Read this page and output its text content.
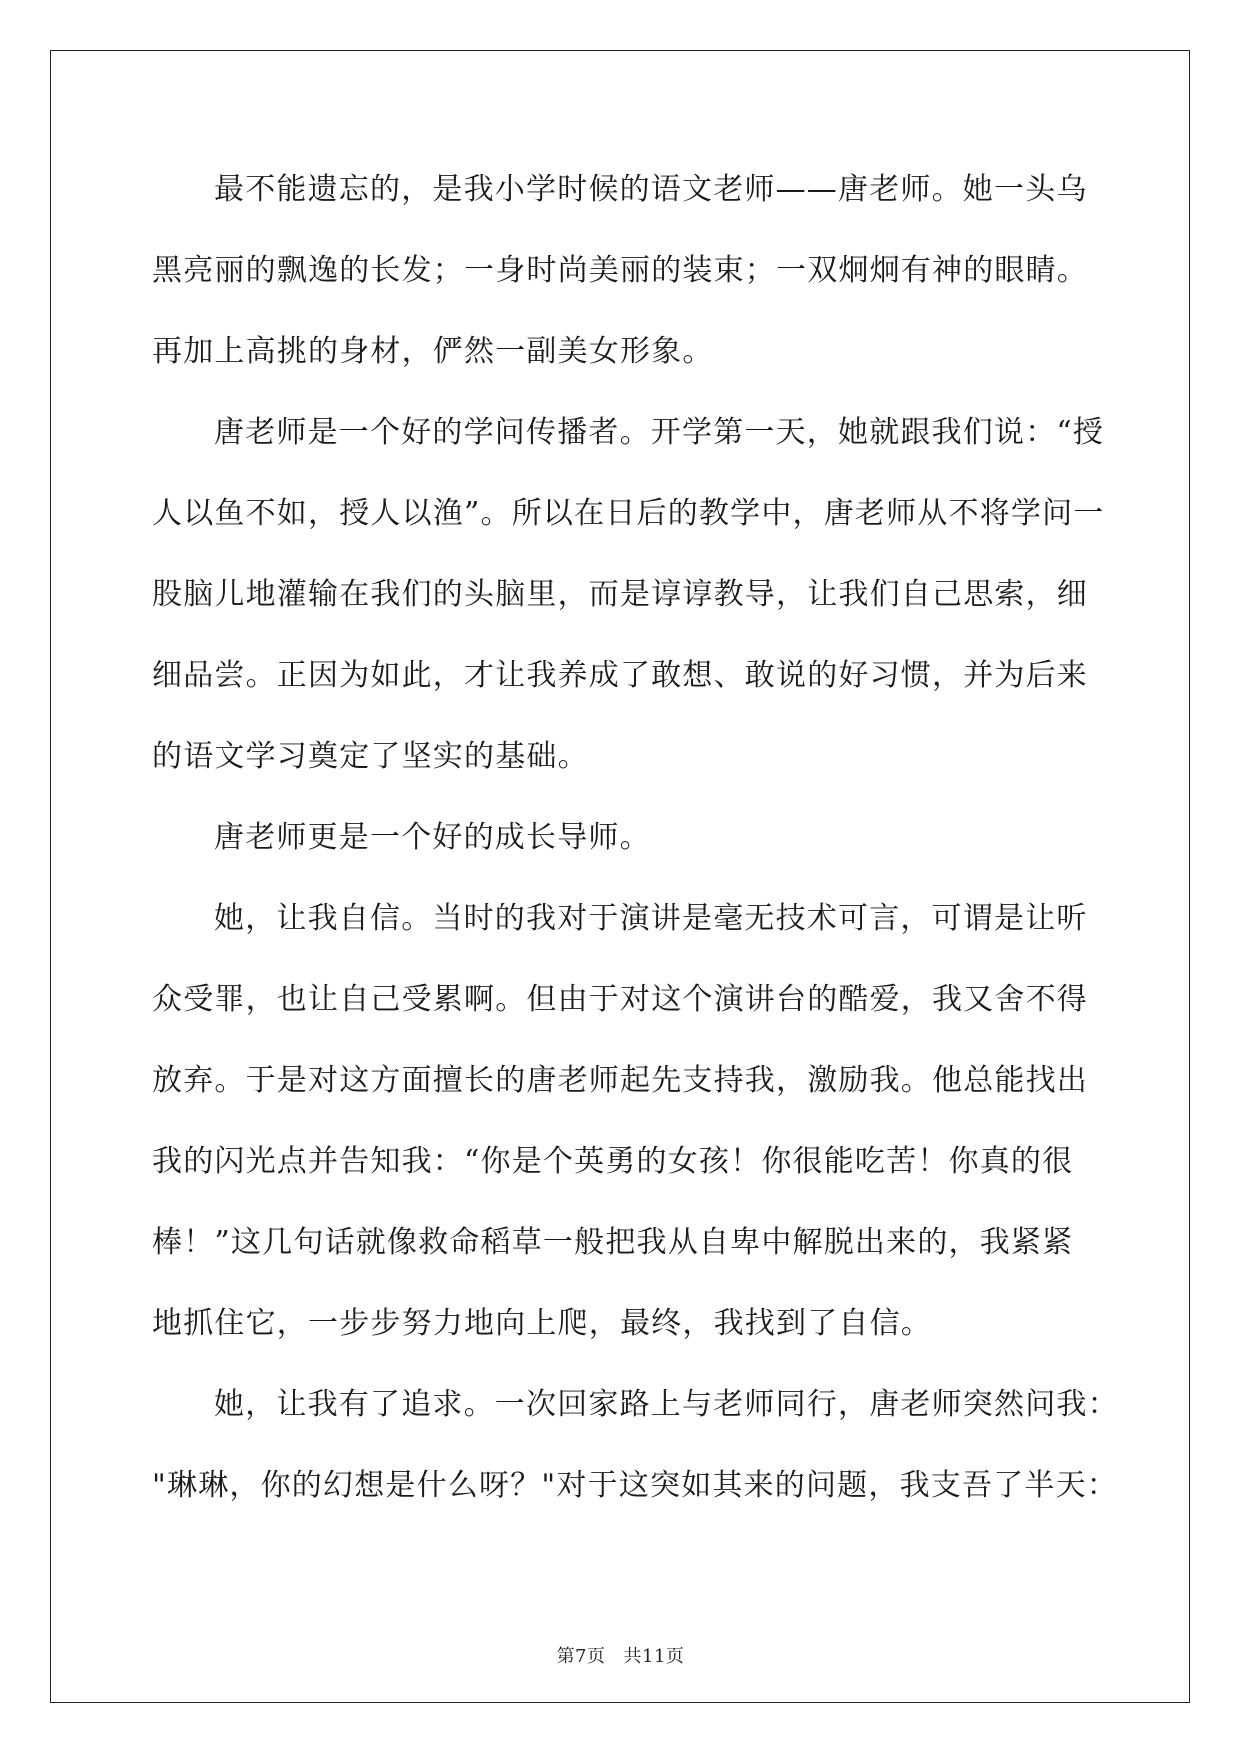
最不能遗忘的，是我小学时候的语文老师——唐老师。她一头乌
黑亮丽的飘逸的长发；一身时尚美丽的装束；一双炯炯有神的眼睛。
再加上高挑的身材，俨然一副美女形象。
唐老师是一个好的学问传播者。开学第一天，她就跟我们说：“授
人以鱼不如，授人以渔”。所以在日后的教学中，唐老师从不将学问一
股脑儿地灌输在我们的头脑里，而是谆谆教导，让我们自己思索，细
细品尝。正因为如此，才让我养成了敢想、敢说的好习惯，并为后来
的语文学习奠定了坚实的基础。
唐老师更是一个好的成长导师。
她，让我自信。当时的我对于演讲是毫无技术可言，可谓是让听
众受罪，也让自己受累啊。但由于对这个演讲台的酷爱，我又舍不得
放弃。于是对这方面擅长的唐老师起先支持我，激励我。他总能找出
我的闪光点并告知我：“你是个英勇的女孩！你很能吃苦！你真的很
棒！”这几句话就像救命稻草一般把我从自卑中解脱出来的，我紧紧
地抓住它，一步步努力地向上爬，最终，我找到了自信。
她，让我有了追求。一次回家路上与老师同行，唐老师突然问我：
"琳琳，你的幻想是什么呀？"对于这突如其来的问题，我支吾了半天：
第7页 共11页
